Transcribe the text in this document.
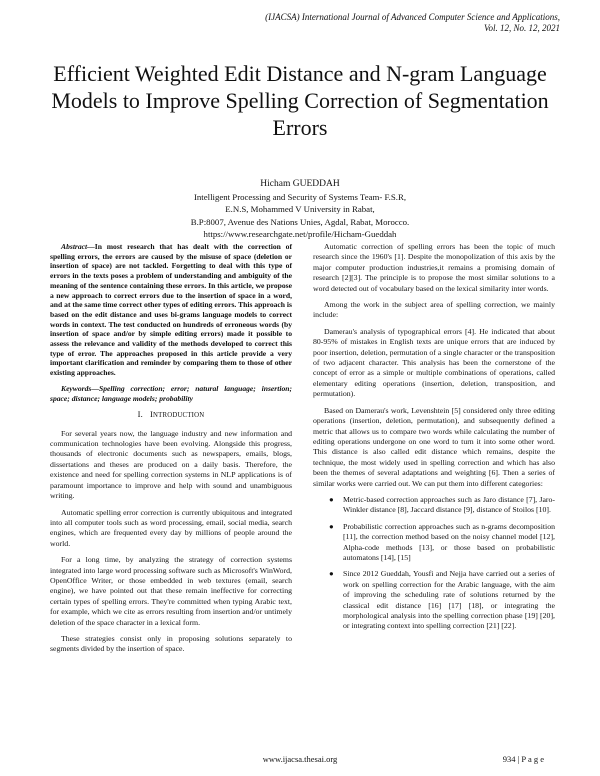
(IJACSA) International Journal of Advanced Computer Science and Applications,
Vol. 12, No. 12, 2021
Efficient Weighted Edit Distance and N-gram Language Models to Improve Spelling Correction of Segmentation Errors
Hicham GUEDDAH
Intelligent Processing and Security of Systems Team- F.S.R,
E.N.S, Mohammed V University in Rabat,
B.P:8007, Avenue des Nations Unies, Agdal, Rabat, Morocco.
https://www.researchgate.net/profile/Hicham-Gueddah

Abstract—In most research that has dealt with the correction of spelling errors, the errors are caused by the misuse of space (deletion or insertion of space) are not tackled. Forgetting to deal with this type of errors in the texts poses a problem of understanding and ambiguity of the meaning of the sentence containing these errors. In this article, we propose a new approach to correct errors due to the insertion of space in a word, and at the same time correct other types of editing errors. This approach is based on the edit distance and uses bi-grams language models to correct words in context. The test conducted on hundreds of erroneous words (by insertion of space and/or by simple editing errors) made it possible to assess the relevance and validity of the methods developed to correct this type of error. The approaches proposed in this article provide a very important clarification and reminder by comparing them to those of other existing approaches.

Keywords—Spelling correction; error; natural language; insertion; space; distance; language models; probability

I. INTRODUCTION

For several years now, the language industry and new information and communication technologies have been evolving. Alongside this progress, thousands of electronic documents such as newspapers, emails, blogs, dissertations and theses are produced on a daily basis. Therefore, the existence and need for spelling correction systems in NLP applications is of paramount importance to improve and help with sound and unambiguous writing.

Automatic spelling error correction is currently ubiquitous and integrated into all computer tools such as word processing, email, social media, search engines, which are frequented every day by millions of people around the world.

For a long time, by analyzing the strategy of correction systems integrated into large word processing software such as Microsoft's WinWord, OpenOffice Writer, or those embedded in web textures (email, search engine), we have pointed out that these remain ineffective for correcting certain types of spelling errors. They're committed when typing Arabic text, for example, which we cite as errors resulting from insertion and/or untimely deletion of the space character in a lexical form.

These strategies consist only in proposing solutions separately to segments divided by the insertion of space.

Automatic correction of spelling errors has been the topic of much research since the 1960's [1]. Despite the monopolization of this axis by the major computer production industries,it remains a promising domain of research [2][3]. The principle is to propose the most similar solutions to a word detected out of vocabulary based on the lexical similarity inter words.

Among the work in the subject area of spelling correction, we mainly include:

Damerau's analysis of typographical errors [4]. He indicated that about 80-95% of mistakes in English texts are unique errors that are induced by poor insertion, deletion, permutation of a single character or the transposition of two adjacent character. This analysis has been the cornerstone of the concept of error as a simple or multiple combinations of operations, called elementary editing operations (insertion, deletion, transposition, and permutation).

Based on Damerau's work, Levenshtein [5] considered only three editing operations (insertion, deletion, permutation), and subsequently defined a metric that allows us to compare two words while calculating the number of editing operations undergone on one word to turn it into some other word. This distance is also called edit distance which remains, despite the technique, the most widely used in spelling correction and which has also been the themes of several adaptations and weighting [6]. Then a series of similar works were carried out. We can put them into different categories:

● Metric-based correction approaches such as Jaro distance [7], Jaro-Winkler distance [8], Jaccard distance [9], distance of Stoilos [10].
● Probabilistic correction approaches such as n-grams decomposition [11], the correction method based on the noisy channel model [12], Alpha-code methods [13], or those based on probabilistic automatons [14], [15]
● Since 2012 Gueddah, Yousfi and Nejja have carried out a series of work on spelling correction for the Arabic language, with the aim of improving the scheduling rate of solutions returned by the classical edit distance [16] [17] [18], or integrating the morphological analysis into the spelling correction phase [19] [20], or integrating context into spelling correction [21] [22].
www.ijacsa.thesai.org	934 | P a g e
